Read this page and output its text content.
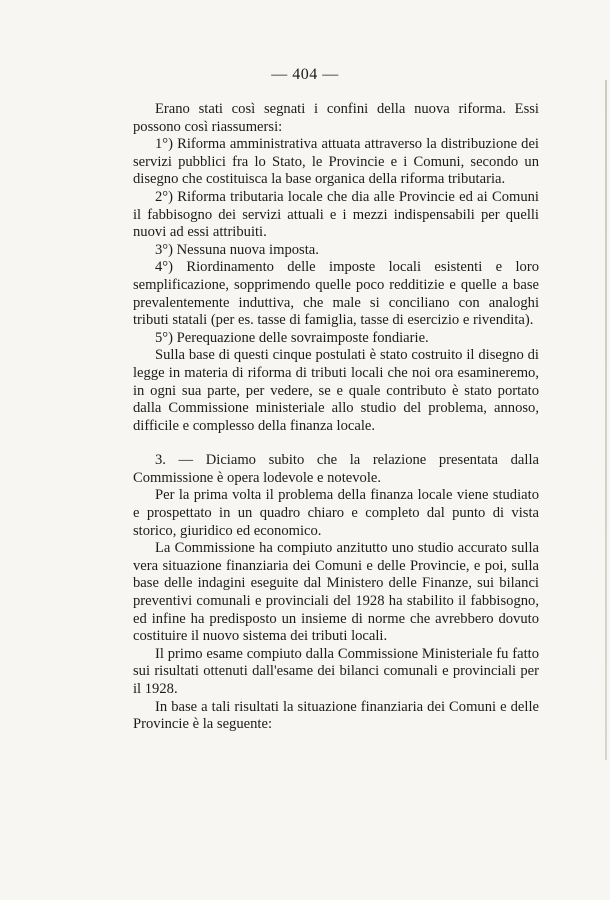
— 404 —

Erano stati così segnati i confini della nuova riforma. Essi possono così riassumersi:

1°) Riforma amministrativa attuata attraverso la distribuzione dei servizi pubblici fra lo Stato, le Provincie e i Comuni, secondo un disegno che costituisca la base organica della riforma tributaria.

2°) Riforma tributaria locale che dia alle Provincie ed ai Comuni il fabbisogno dei servizi attuali e i mezzi indispensabili per quelli nuovi ad essi attribuiti.

3°) Nessuna nuova imposta.

4°) Riordinamento delle imposte locali esistenti e loro semplificazione, sopprimendo quelle poco redditizie e quelle a base prevalentemente induttiva, che male si conciliano con analoghi tributi statali (per es. tasse di famiglia, tasse di esercizio e rivendita).

5°) Perequazione delle sovraimposte fondiarie.

Sulla base di questi cinque postulati è stato costruito il disegno di legge in materia di riforma di tributi locali che noi ora esamineremo, in ogni sua parte, per vedere, se e quale contributo è stato portato dalla Commissione ministeriale allo studio del problema, annoso, difficile e complesso della finanza locale.

3. — Diciamo subito che la relazione presentata dalla Commissione è opera lodevole e notevole.

Per la prima volta il problema della finanza locale viene studiato e prospettato in un quadro chiaro e completo dal punto di vista storico, giuridico ed economico.

La Commissione ha compiuto anzitutto uno studio accurato sulla vera situazione finanziaria dei Comuni e delle Provincie, e poi, sulla base delle indagini eseguite dal Ministero delle Finanze, sui bilanci preventivi comunali e provinciali del 1928 ha stabilito il fabbisogno, ed infine ha predisposto un insieme di norme che avrebbero dovuto costituire il nuovo sistema dei tributi locali.

Il primo esame compiuto dalla Commissione Ministeriale fu fatto sui risultati ottenuti dall'esame dei bilanci comunali e provinciali per il 1928.

In base a tali risultati la situazione finanziaria dei Comuni e delle Provincie è la seguente:
